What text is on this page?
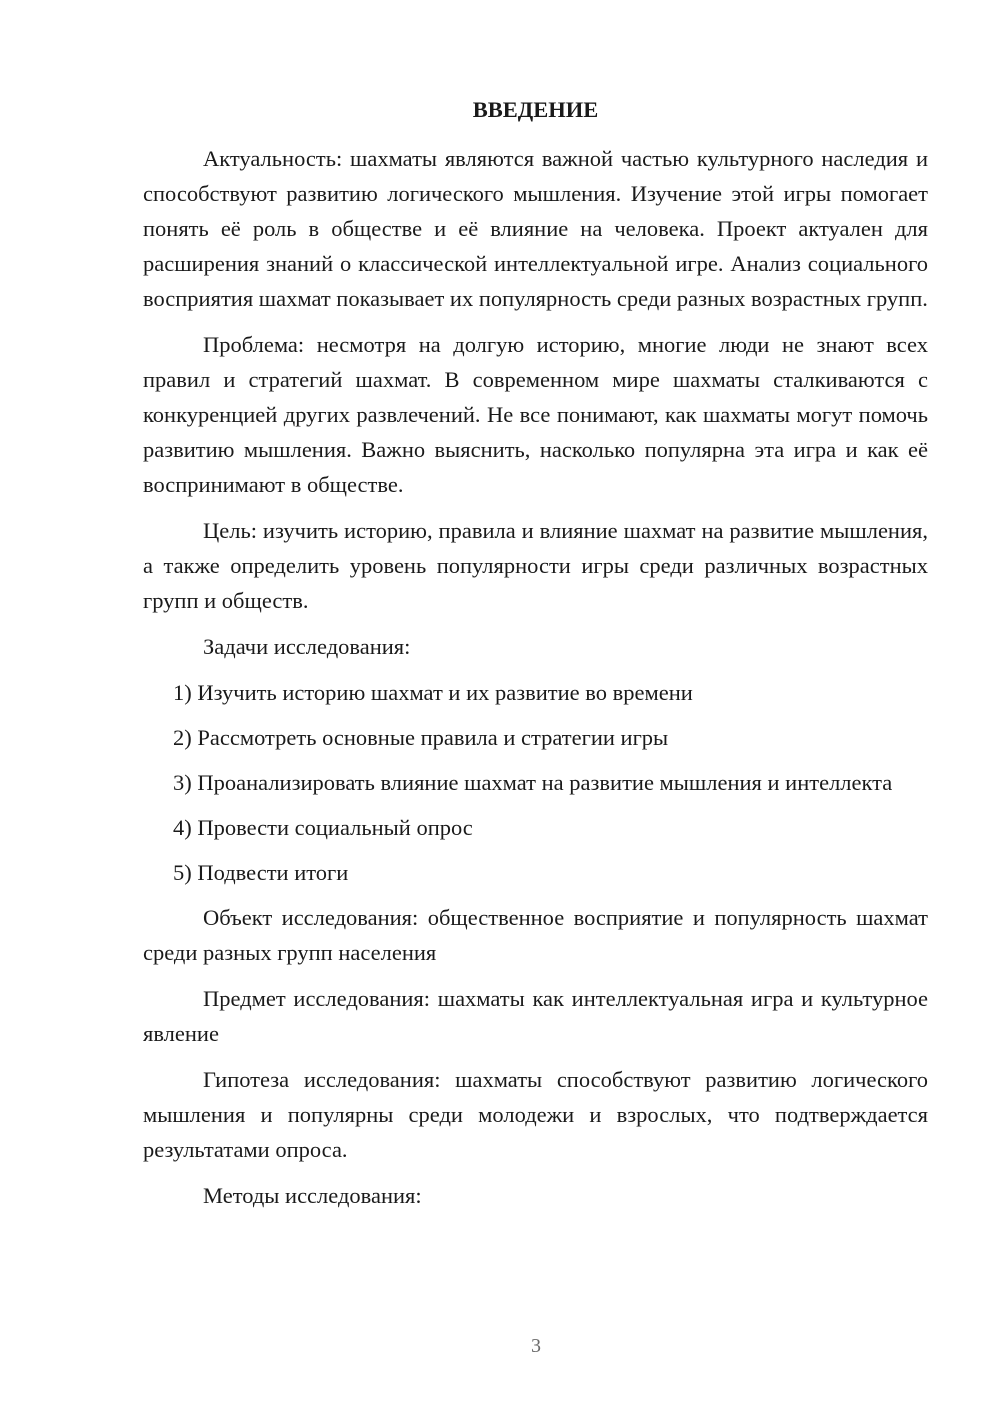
ВВЕДЕНИЕ

Актуальность: шахматы являются важной частью культурного наследия и способствуют развитию логического мышления. Изучение этой игры помогает понять её роль в обществе и её влияние на человека. Проект актуален для расширения знаний о классической интеллектуальной игре. Анализ социального восприятия шахмат показывает их популярность среди разных возрастных групп.

Проблема: несмотря на долгую историю, многие люди не знают всех правил и стратегий шахмат. В современном мире шахматы сталкиваются с конкуренцией других развлечений. Не все понимают, как шахматы могут помочь развитию мышления. Важно выяснить, насколько популярна эта игра и как её воспринимают в обществе.

Цель: изучить историю, правила и влияние шахмат на развитие мышления, а также определить уровень популярности игры среди различных возрастных групп и обществ.

Задачи исследования:

1) Изучить историю шахмат и их развитие во времени

2) Рассмотреть основные правила и стратегии игры

3) Проанализировать влияние шахмат на развитие мышления и интеллекта

4) Провести социальный опрос

5) Подвести итоги

Объект исследования: общественное восприятие и популярность шахмат среди разных групп населения

Предмет исследования: шахматы как интеллектуальная игра и культурное явление

Гипотеза исследования: шахматы способствуют развитию логического мышления и популярны среди молодежи и взрослых, что подтверждается результатами опроса.

Методы исследования:

3
